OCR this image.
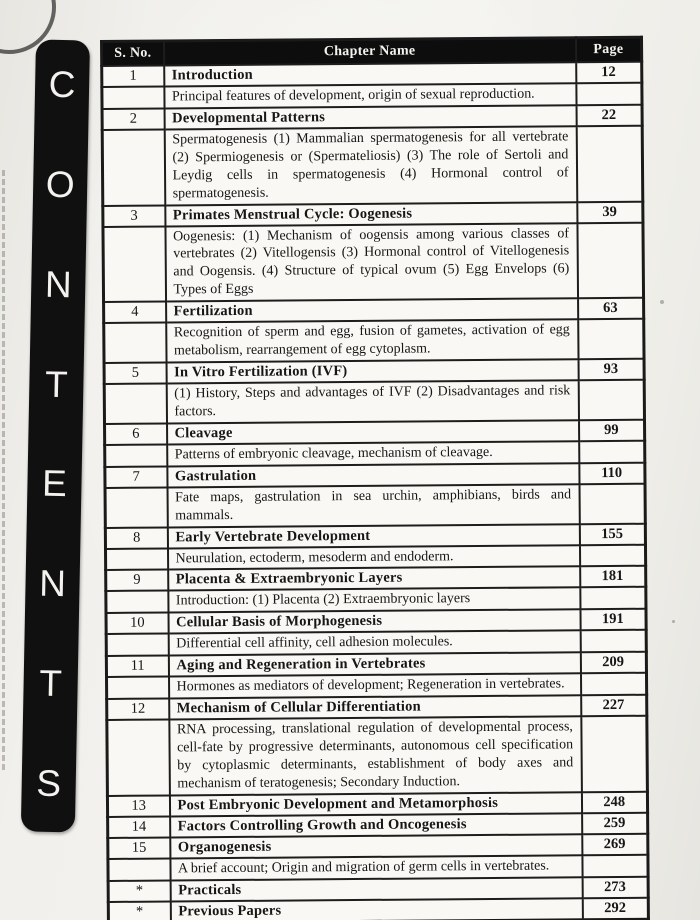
C
O
N
T
E
N
T
S
S. No.	Chapter Name	Page
1	Introduction	12
	Principal features of development, origin of sexual reproduction.	
2	Developmental Patterns	22
	Spermatogenesis (1) Mammalian spermatogenesis for all vertebrate (2) Spermiogenesis or (Spermateliosis) (3) The role of Sertoli and Leydig cells in spermatogenesis (4) Hormonal control of spermatogenesis.	
3	Primates Menstrual Cycle: Oogenesis	39
	Oogenesis: (1) Mechanism of oogensis among various classes of vertebrates (2) Vitellogensis (3) Hormonal control of Vitellogenesis and Oogensis. (4) Structure of typical ovum (5) Egg Envelops (6) Types of Eggs	
4	Fertilization	63
	Recognition of sperm and egg, fusion of gametes, activation of egg metabolism, rearrangement of egg cytoplasm.	
5	In Vitro Fertilization (IVF)	93
	(1) History, Steps and advantages of IVF (2) Disadvantages and risk factors.	
6	Cleavage	99
	Patterns of embryonic cleavage, mechanism of cleavage.	
7	Gastrulation	110
	Fate maps, gastrulation in sea urchin, amphibians, birds and mammals.	
8	Early Vertebrate Development	155
	Neurulation, ectoderm, mesoderm and endoderm.	
9	Placenta & Extraembryonic Layers	181
	Introduction: (1) Placenta (2) Extraembryonic layers	
10	Cellular Basis of Morphogenesis	191
	Differential cell affinity, cell adhesion molecules.	
11	Aging and Regeneration in Vertebrates	209
	Hormones as mediators of development; Regeneration in vertebrates.	
12	Mechanism of Cellular Differentiation	227
	RNA processing, translational regulation of developmental process, cell-fate by progressive determinants, autonomous cell specification by cytoplasmic determinants, establishment of body axes and mechanism of teratogenesis; Secondary Induction.	
13	Post Embryonic Development and Metamorphosis	248
14	Factors Controlling Growth and Oncogenesis	259
15	Organogenesis	269
	A brief account; Origin and migration of germ cells in vertebrates.	
*	Practicals	273
*	Previous Papers	292
